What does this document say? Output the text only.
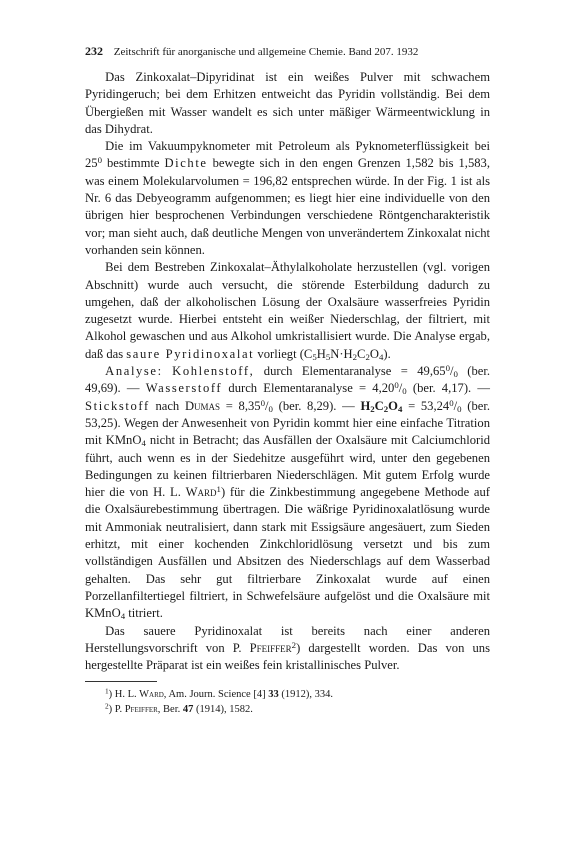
232 Zeitschrift für anorganische und allgemeine Chemie. Band 207. 1932

Das Zinkoxalat–Dipyridinat ist ein weißes Pulver mit schwachem Pyridingeruch; bei dem Erhitzen entweicht das Pyridin vollständig. Bei dem Übergießen mit Wasser wandelt es sich unter mäßiger Wärmeentwicklung in das Dihydrat.

Die im Vakuumpyknometer mit Petroleum als Pyknometerflüssigkeit bei $25^0$ bestimmte Dichte bewegte sich in den engen Grenzen 1,582 bis 1,583, was einem Molekularvolumen = 196,82 entsprechen würde. In der Fig. 1 ist als Nr. 6 das Debyeogramm aufgenommen; es liegt hier eine individuelle von den übrigen hier besprochenen Verbindungen verschiedene Röntgencharakteristik vor; man sieht auch, daß deutliche Mengen von unverändertem Zinkoxalat nicht vorhanden sein können.

Bei dem Bestreben Zinkoxalat–Äthylalkoholate herzustellen (vgl. vorigen Abschnitt) wurde auch versucht, die störende Esterbildung dadurch zu umgehen, daß der alkoholischen Lösung der Oxalsäure wasserfreies Pyridin zugesetzt wurde. Hierbei entsteht ein weißer Niederschlag, der filtriert, mit Alkohol gewaschen und aus Alkohol umkristallisiert wurde. Die Analyse ergab, daß das saure Pyridinoxalat vorliegt $(C_5H_5N\cdot H_2C_2O_4)$.

Analyse: Kohlenstoff, durch Elementaranalyse = $49,65^0/_0$ (ber. 49,69). — Wasserstoff durch Elementaranalyse = $4,20^0/_0$ (ber. 4,17). — Stickstoff nach Dumas = $8,35^0/_0$ (ber. 8,29). — $H_2C_2O_4 = 53,24^0/_0$ (ber. 53,25). Wegen der Anwesenheit von Pyridin kommt hier eine einfache Titration mit KMnO$_4$ nicht in Betracht; das Ausfällen der Oxalsäure mit Calciumchlorid führt, auch wenn es in der Siedehitze ausgeführt wird, unter den gegebenen Bedingungen zu keinen filtrierbaren Niederschlägen. Mit gutem Erfolg wurde hier die von H. L. Ward$^1$) für die Zinkbestimmung angegebene Methode auf die Oxalsäurebestimmung übertragen. Die wäßrige Pyridinoxalatlösung wurde mit Ammoniak neutralisiert, dann stark mit Essigsäure angesäuert, zum Sieden erhitzt, mit einer kochenden Zinkchloridlösung versetzt und bis zum vollständigen Ausfällen und Absitzen des Niederschlags auf dem Wasserbad gehalten. Das sehr gut filtrierbare Zinkoxalat wurde auf einen Porzellanfiltertiegel filtriert, in Schwefelsäure aufgelöst und die Oxalsäure mit KMnO$_4$ titriert.

Das sauere Pyridinoxalat ist bereits nach einer anderen Herstellungsvorschrift von P. Pfeiffer$^2$) dargestellt worden. Das von uns hergestellte Präparat ist ein weißes fein kristallinisches Pulver.

$^1$) H. L. Ward, Am. Journ. Science [4] 33 (1912), 334.
$^2$) P. Pfeiffer, Ber. 47 (1914), 1582.
